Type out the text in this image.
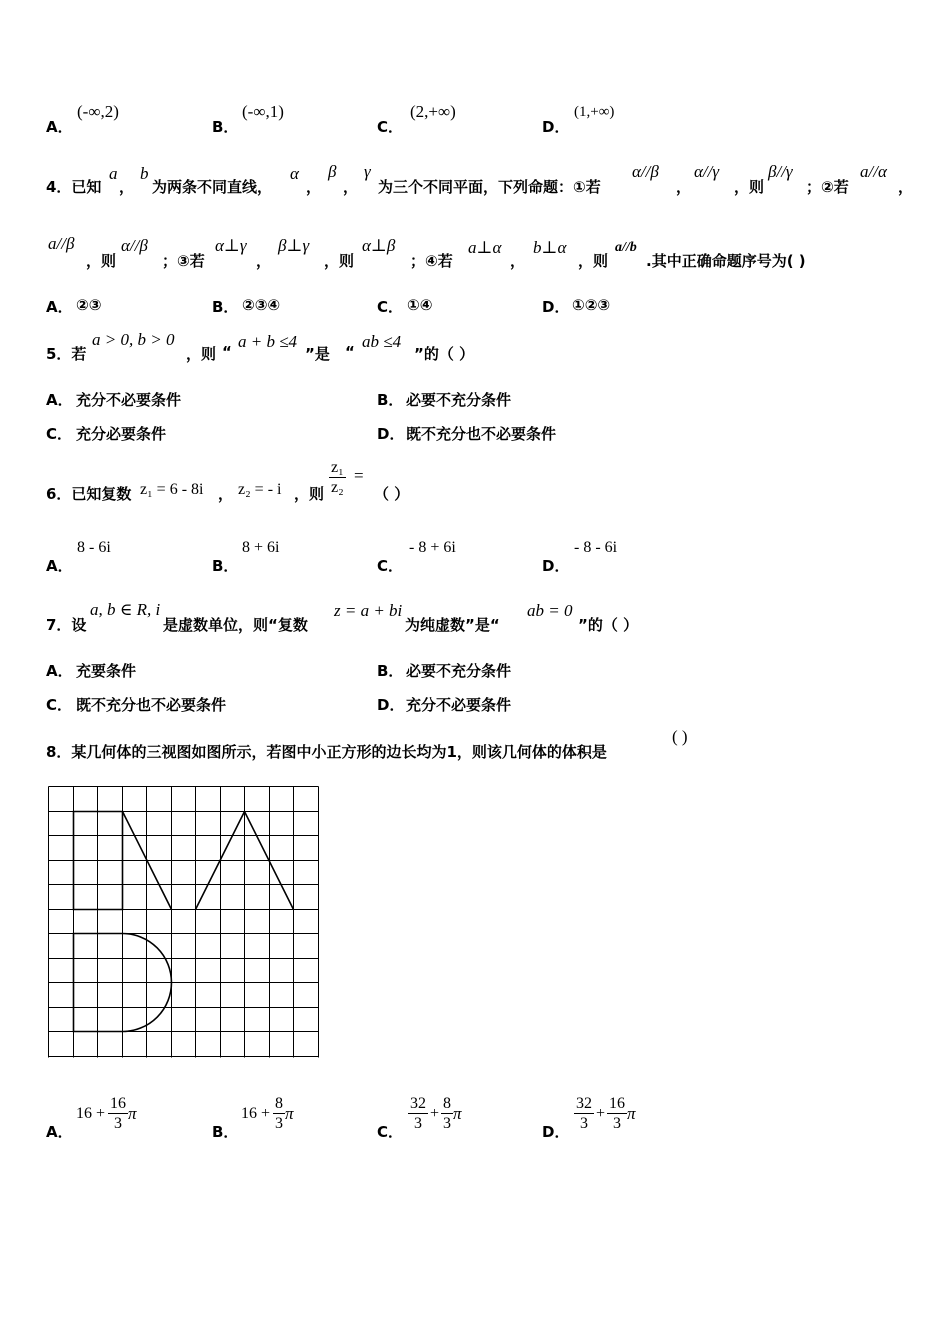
A．
(-∞,2)
B．
(-∞,1)
C．
(2,+∞)
D．
(1,+∞)
4．已知
a
，
b
为两条不同直线，
α
，
β
，
γ
为三个不同平面，下列命题：①若
α//β
，
α//γ
，则
β//γ
；②若
a//α
，
a//β
，则
α//β
；③若
α⊥γ
，
β⊥γ
，则
α⊥β
；④若
a⊥α
，
b⊥α
，则
a//b
.其中正确命题序号为( )
A． ②③	B． ②③④	C． ①④	D． ①②③
5．若
a > 0, b > 0
，则 “
a + b ≤4
”是 “
ab ≤4
”的（ ）
A． 充分不必要条件	B． 必要不充分条件
C． 充分必要条件	D． 既不充分也不必要条件
6．已知复数 z₁ = 6 - 8i ， z₂ = - i ，则 $\frac{\text{z₁}}{\text{z₂}}$ =
（ ）
A．
8 - 6i
B．
8 + 6i
C．
- 8 + 6i
D．
- 8 - 6i
7．设
a, b ∈ R, i
是虚数单位，则“复数
z = a + bi
为纯虚数”是“
ab = 0
”的（ ）
A． 充要条件	B． 必要不充分条件
C． 既不充分也不必要条件	D． 充分不必要条件
8．某几何体的三视图如图所示，若图中小正方形的边长均为1，则该几何体的体积是
( )
A．
$16 + \frac{16}{3}$ π
B．
$16 + \frac{8}{3}$ π
C． $\frac{32}{3} + \frac{8}{3}$ π
D． $\frac{32}{3} + \frac{16}{3}$ π
